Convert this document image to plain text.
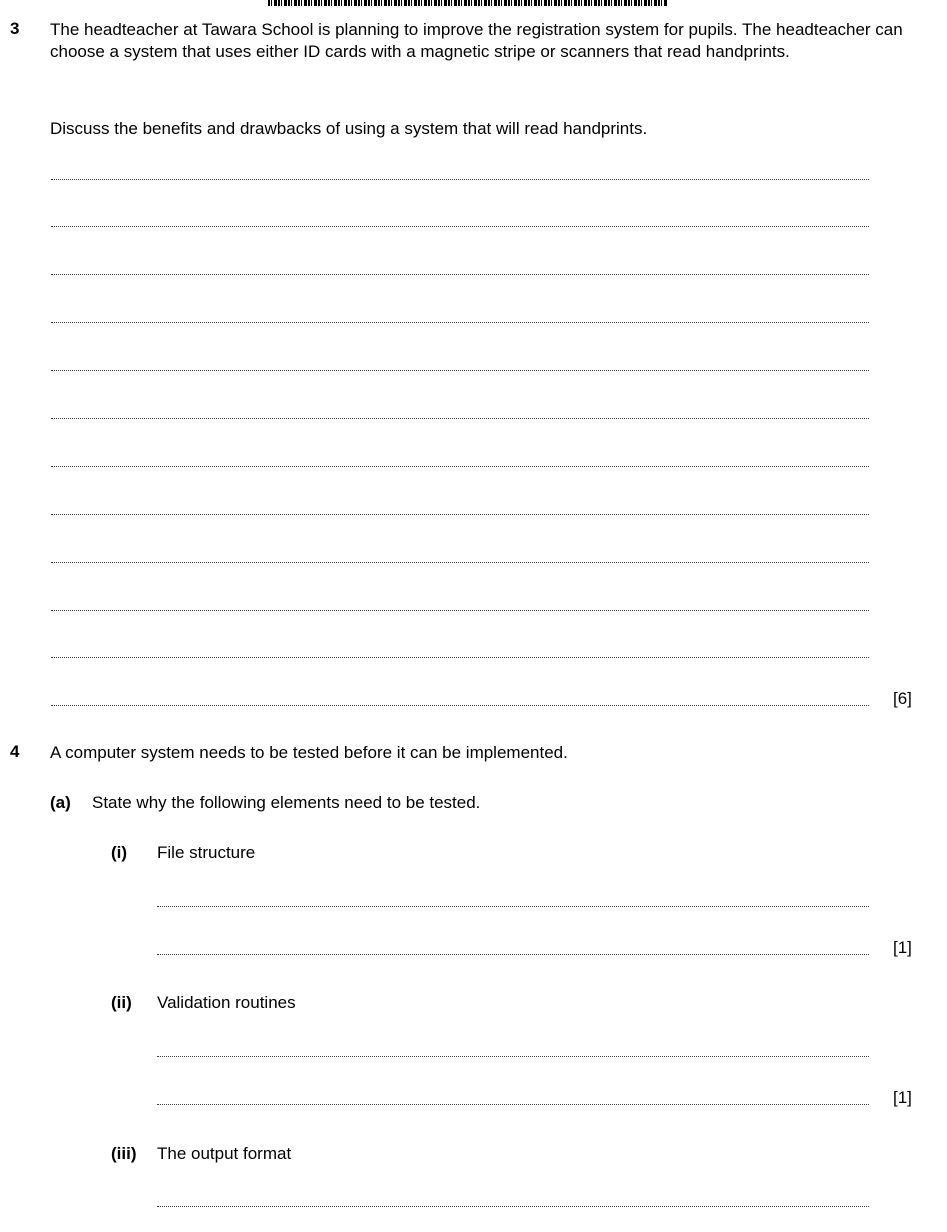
3 The headteacher at Tawara School is planning to improve the registration system for pupils. The headteacher can choose a system that uses either ID cards with a magnetic stripe or scanners that read handprints.
Discuss the benefits and drawbacks of using a system that will read handprints.
[6]
4 A computer system needs to be tested before it can be implemented.
(a) State why the following elements need to be tested.
(i) File structure
[1]
(ii) Validation routines
[1]
(iii) The output format
